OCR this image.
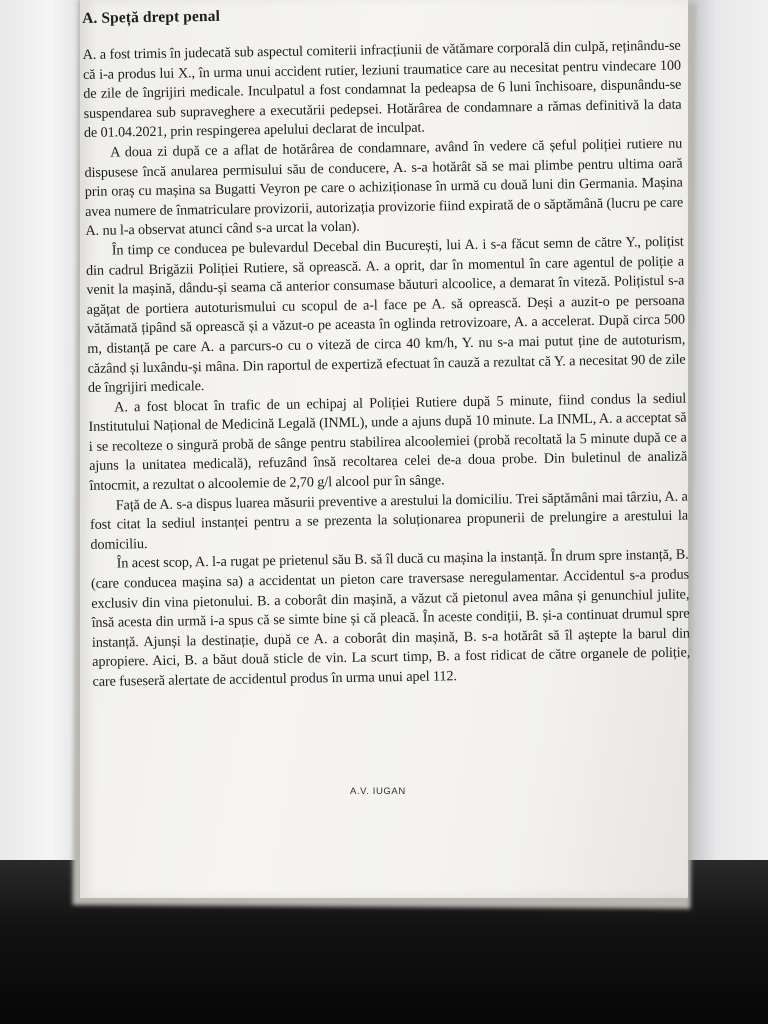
A. Speță drept penal

A. a fost trimis în judecată sub aspectul comiterii infracțiunii de vătămare corporală din culpă, reținându-se că i-a produs lui X., în urma unui accident rutier, leziuni traumatice care au necesitat pentru vindecare 100 de zile de îngrijiri medicale. Inculpatul a fost condamnat la pedeapsa de 6 luni închisoare, dispunându-se suspendarea sub supraveghere a executării pedepsei. Hotărârea de condamnare a rămas definitivă la data de 01.04.2021, prin respingerea apelului declarat de inculpat.

A doua zi după ce a aflat de hotărârea de condamnare, având în vedere că șeful poliției rutiere nu dispusese încă anularea permisului său de conducere, A. s-a hotărât să se mai plimbe pentru ultima oară prin oraș cu mașina sa Bugatti Veyron pe care o achiziționase în urmă cu două luni din Germania. Mașina avea numere de înmatriculare provizorii, autorizația provizorie fiind expirată de o săptămână (lucru pe care A. nu l-a observat atunci când s-a urcat la volan).

În timp ce conducea pe bulevardul Decebal din București, lui A. i s-a făcut semn de către Y., polițist din cadrul Brigăzii Poliției Rutiere, să oprească. A. a oprit, dar în momentul în care agentul de poliție a venit la mașină, dându-și seama că anterior consumase băuturi alcoolice, a demarat în viteză. Polițistul s-a agățat de portiera autoturismului cu scopul de a-l face pe A. să oprească. Deși a auzit-o pe persoana vătămată țipând să oprească și a văzut-o pe aceasta în oglinda retrovizoare, A. a accelerat. După circa 500 m, distanță pe care A. a parcurs-o cu o viteză de circa 40 km/h, Y. nu s-a mai putut ține de autoturism, căzând și luxându-și mâna. Din raportul de expertiză efectuat în cauză a rezultat că Y. a necesitat 90 de zile de îngrijiri medicale.

A. a fost blocat în trafic de un echipaj al Poliției Rutiere după 5 minute, fiind condus la sediul Institutului Național de Medicină Legală (INML), unde a ajuns după 10 minute. La INML, A. a acceptat să i se recolteze o singură probă de sânge pentru stabilirea alcoolemiei (probă recoltată la 5 minute după ce a ajuns la unitatea medicală), refuzând însă recoltarea celei de-a doua probe. Din buletinul de analiză întocmit, a rezultat o alcoolemie de 2,70 g/l alcool pur în sânge.

Față de A. s-a dispus luarea măsurii preventive a arestului la domiciliu. Trei săptămâni mai târziu, A. a fost citat la sediul instanței pentru a se prezenta la soluționarea propunerii de prelungire a arestului la domiciliu.

În acest scop, A. l-a rugat pe prietenul său B. să îl ducă cu mașina la instanță. În drum spre instanță, B. (care conducea mașina sa) a accidentat un pieton care traversase neregulamentar. Accidentul s-a produs exclusiv din vina pietonului. B. a coborât din mașină, a văzut că pietonul avea mâna și genunchiul julite, însă acesta din urmă i-a spus că se simte bine și că pleacă. În aceste condiții, B. și-a continuat drumul spre instanță. Ajunși la destinație, după ce A. a coborât din mașină, B. s-a hotărât să îl aștepte la barul din apropiere. Aici, B. a băut două sticle de vin. La scurt timp, B. a fost ridicat de către organele de poliție, care fuseseră alertate de accidentul produs în urma unui apel 112.

A.V. IUGAN
